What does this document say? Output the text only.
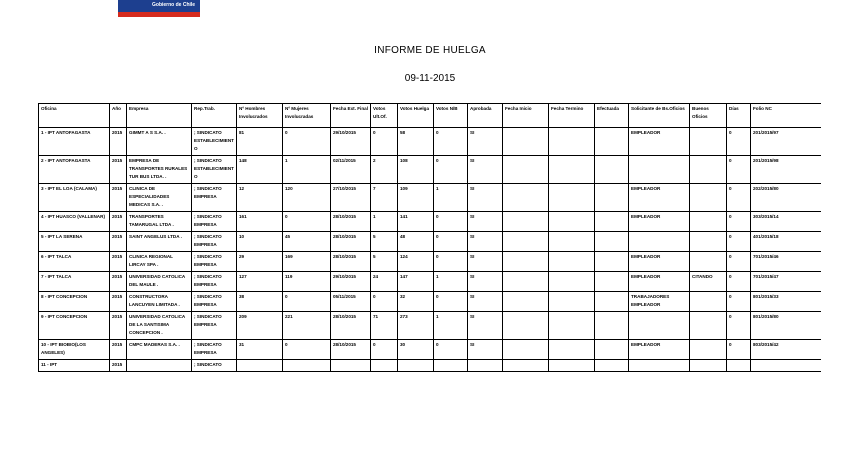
Gobierno de Chile
INFORME DE HUELGA
09-11-2015
Oficina	Año	Empresa	Rep.Trab.	Nº Hombres Involucrados	Nº Mujeres Involucradas	Fecha Ext. Final	Votos Ult.Of.	Votos Huelga	Votos N/B	Aprobada	Fecha Inicio	Fecha Termino	Efectuada	Solicitante de Bs.Oficios	Buenos Oficios	Días	Folio NC
1 - IPT ANTOFAGASTA	2015	GIMMT A S S.A. .	; SINDICATO ESTABLECIMIENTO	81	0	29/10/2015	0	58	0	SI				EMPLEADOR		0	201/2015/97
2 - IPT ANTOFAGASTA	2015	EMPRESA DE TRANSPORTES RURALES TUR BUS LTDA. .	; SINDICATO ESTABLECIMIENTO	148	1	02/11/2015	2	108	0	SI						0	201/2015/98
3 - IPT EL LOA (CALAMA)	2015	CLINICA DE ESPECIALIDADES MEDICAS S.A. .	; SINDICATO EMPRESA	12	120	27/10/2015	7	109	1	SI				EMPLEADOR		0	202/2015/80
4 - IPT HUASCO (VALLENAR)	2015	TRANSPORTES TAMARUGAL LTDA .	; SINDICATO EMPRESA	161	0	28/10/2015	1	141	0	SI				EMPLEADOR		0	303/2015/14
5 - IPT LA SERENA	2015	SAINT ANGELUS LTDA .	; SINDICATO EMPRESA	10	45	28/10/2015	5	48	0	SI						0	401/2015/18
6 - IPT TALCA	2015	CLINICA REGIONAL LIRCAY SPA .	; SINDICATO EMPRESA	29	169	28/10/2015	5	124	0	SI				EMPLEADOR		0	701/2015/46
7 - IPT TALCA	2015	UNIVERSIDAD CATOLICA DEL MAULE .	; SINDICATO EMPRESA	127	119	29/10/2015	24	147	1	SI				EMPLEADOR	CITANDO	0	701/2015/47
8 - IPT CONCEPCION	2015	CONSTRUCTORA LANCUYEN LIMITADA .	; SINDICATO EMPRESA	38	0	05/11/2015	0	32	0	SI				TRABAJADORES EMPLEADOR		0	801/2015/33
9 - IPT CONCEPCION	2015	UNIVERSIDAD CATOLICA DE LA SANTISIMA CONCEPCION .	; SINDICATO EMPRESA	209	221	28/10/2015	71	273	1	SI						0	801/2015/80
10 - IPT BIOBIO(LOS ANGELES)	2015	CMPC MADERAS S.A. .	; SINDICATO EMPRESA	31	0	28/10/2015	0	30	0	SI				EMPLEADOR		0	803/2015/42
11 - IPT	2015		; SINDICATO														
